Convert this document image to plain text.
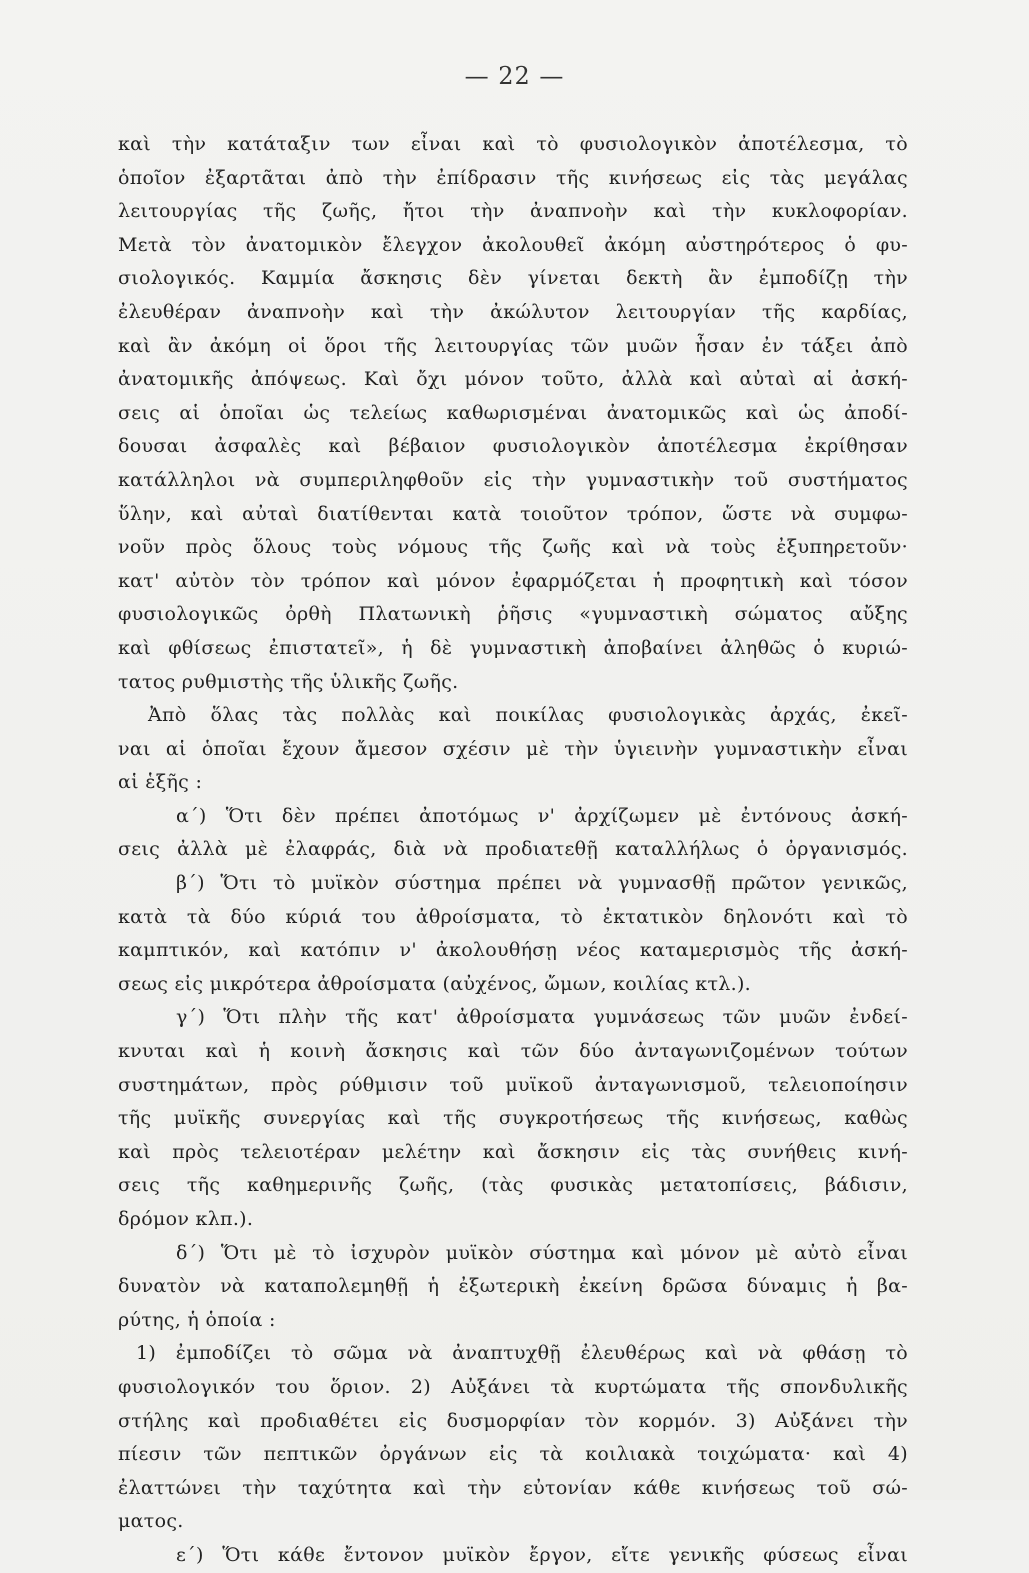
— 22 —
καὶ τὴν κατάταξιν των εἶναι καὶ τὸ φυσιολογικὸν ἀποτέλεσμα, τὸ
ὁποῖον ἐξαρτᾶται ἀπὸ τὴν ἐπίδρασιν τῆς κινήσεως εἰς τὰς μεγάλας
λειτουργίας τῆς ζωῆς, ἤτοι τὴν ἀναπνοὴν καὶ τὴν κυκλοφορίαν.
Μετὰ τὸν ἀνατομικὸν ἔλεγχον ἀκολουθεῖ ἀκόμη αὐστηρότερος ὁ φυ-
σιολογικός. Καμμία ἄσκησις δὲν γίνεται δεκτὴ ἂν ἐμποδίζῃ τὴν
ἐλευθέραν ἀναπνοὴν καὶ τὴν ἀκώλυτον λειτουργίαν τῆς καρδίας,
καὶ ἂν ἀκόμη οἱ ὅροι τῆς λειτουργίας τῶν μυῶν ἦσαν ἐν τάξει ἀπὸ
ἀνατομικῆς ἀπόψεως. Καὶ ὄχι μόνον τοῦτο, ἀλλὰ καὶ αὐταὶ αἱ ἀσκή-
σεις αἱ ὁποῖαι ὡς τελείως καθωρισμέναι ἀνατομικῶς καὶ ὡς ἀποδί-
δουσαι ἀσφαλὲς καὶ βέβαιον φυσιολογικὸν ἀποτέλεσμα ἐκρίθησαν
κατάλληλοι νὰ συμπεριληφθοῦν εἰς τὴν γυμναστικὴν τοῦ συστήματος
ὕλην, καὶ αὐταὶ διατίθενται κατὰ τοιοῦτον τρόπον, ὥστε νὰ συμφω-
νοῦν πρὸς ὅλους τοὺς νόμους τῆς ζωῆς καὶ νὰ τοὺς ἐξυπηρετοῦν·
κατ' αὐτὸν τὸν τρόπον καὶ μόνον ἐφαρμόζεται ἡ προφητικὴ καὶ τόσον
φυσιολογικῶς ὀρθὴ Πλατωνικὴ ῥῆσις «γυμναστικὴ σώματος αὔξης
καὶ φθίσεως ἐπιστατεῖ», ἡ δὲ γυμναστικὴ ἀποβαίνει ἀληθῶς ὁ κυριώ-
τατος ρυθμιστὴς τῆς ὑλικῆς ζωῆς.
Ἀπὸ ὅλας τὰς πολλὰς καὶ ποικίλας φυσιολογικὰς ἀρχάς, ἐκεῖ-
ναι αἱ ὁποῖαι ἔχουν ἄμεσον σχέσιν μὲ τὴν ὑγιεινὴν γυμναστικὴν εἶναι
αἱ ἑξῆς :
α΄) Ὅτι δὲν πρέπει ἀποτόμως ν' ἀρχίζωμεν μὲ ἐντόνους ἀσκή-
σεις ἀλλὰ μὲ ἐλαφράς, διὰ νὰ προδιατεθῇ καταλλήλως ὁ ὀργανισμός.
β΄) Ὅτι τὸ μυϊκὸν σύστημα πρέπει νὰ γυμνασθῇ πρῶτον γενικῶς,
κατὰ τὰ δύο κύριά του ἀθροίσματα, τὸ ἐκτατικὸν δηλονότι καὶ τὸ
καμπτικόν, καὶ κατόπιν ν' ἀκολουθήσῃ νέος καταμερισμὸς τῆς ἀσκή-
σεως εἰς μικρότερα ἀθροίσματα (αὐχένος, ὤμων, κοιλίας κτλ.).
γ΄) Ὅτι πλὴν τῆς κατ' ἀθροίσματα γυμνάσεως τῶν μυῶν ἐνδεί-
κνυται καὶ ἡ κοινὴ ἄσκησις καὶ τῶν δύο ἀνταγωνιζομένων τούτων
συστημάτων, πρὸς ρύθμισιν τοῦ μυϊκοῦ ἀνταγωνισμοῦ, τελειοποίησιν
τῆς μυϊκῆς συνεργίας καὶ τῆς συγκροτήσεως τῆς κινήσεως, καθὼς
καὶ πρὸς τελειοτέραν μελέτην καὶ ἄσκησιν εἰς τὰς συνήθεις κινή-
σεις τῆς καθημερινῆς ζωῆς, (τὰς φυσικὰς μετατοπίσεις, βάδισιν,
δρόμον κλπ.).
δ΄) Ὅτι μὲ τὸ ἰσχυρὸν μυϊκὸν σύστημα καὶ μόνον μὲ αὐτὸ εἶναι
δυνατὸν νὰ καταπολεμηθῇ ἡ ἐξωτερικὴ ἐκείνη δρῶσα δύναμις ἡ βα-
ρύτης, ἡ ὁποία :
1) ἐμποδίζει τὸ σῶμα νὰ ἀναπτυχθῇ ἐλευθέρως καὶ νὰ φθάσῃ τὸ
φυσιολογικόν του ὅριον. 2) Αὐξάνει τὰ κυρτώματα τῆς σπονδυλικῆς
στήλης καὶ προδιαθέτει εἰς δυσμορφίαν τὸν κορμόν. 3) Αὐξάνει τὴν
πίεσιν τῶν πεπτικῶν ὀργάνων εἰς τὰ κοιλιακὰ τοιχώματα· καὶ 4)
ἐλαττώνει τὴν ταχύτητα καὶ τὴν εὐτονίαν κάθε κινήσεως τοῦ σώ-
ματος.
ε΄) Ὅτι κάθε ἔντονον μυϊκὸν ἔργον, εἴτε γενικῆς φύσεως εἶναι
